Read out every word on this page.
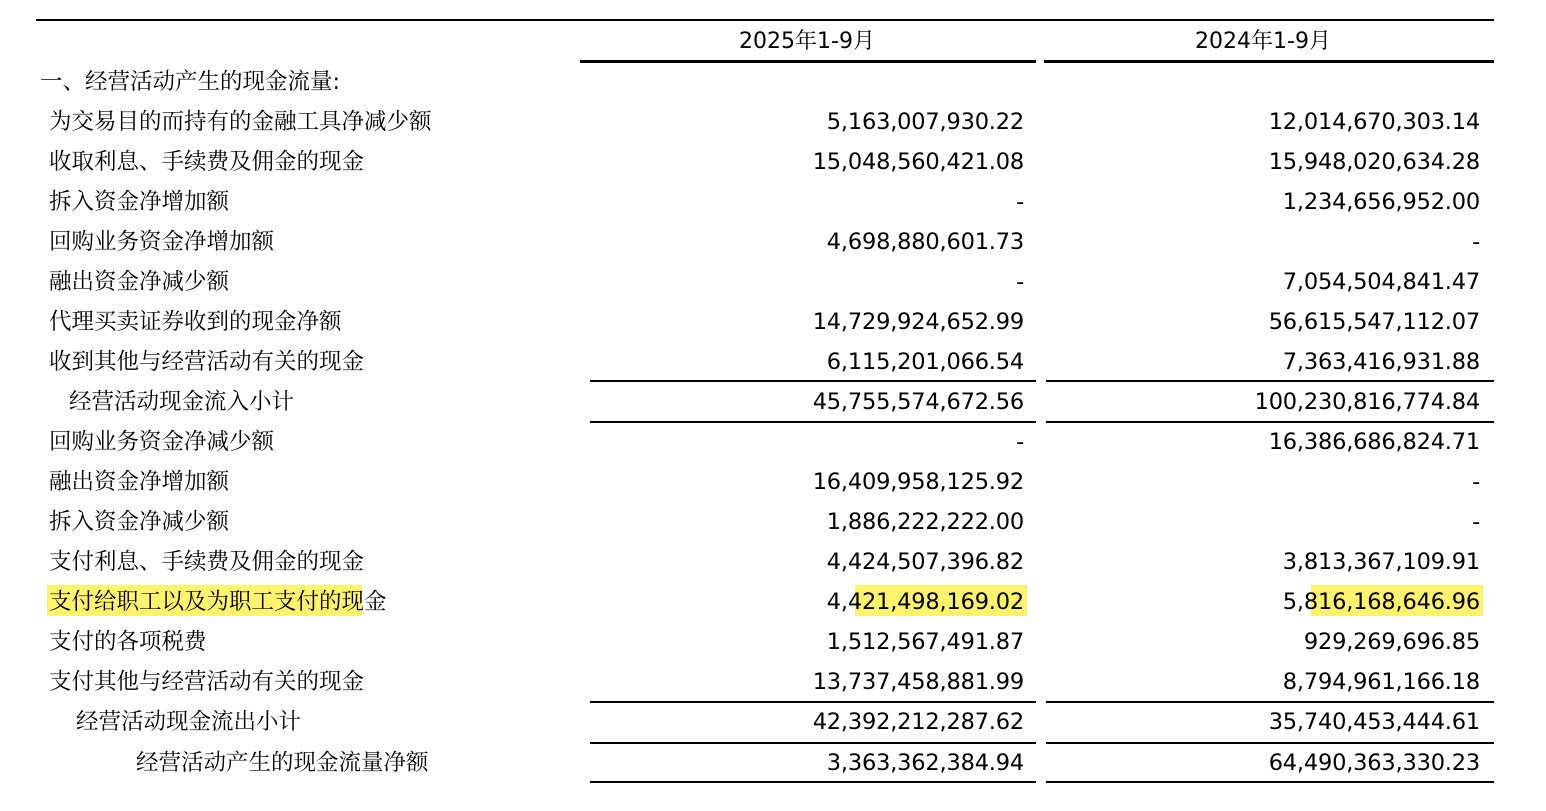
2025年1-9月	2024年1-9月
一、经营活动产生的现金流量:
为交易目的而持有的金融工具净减少额	5,163,007,930.22	12,014,670,303.14
收取利息、手续费及佣金的现金	15,048,560,421.08	15,948,020,634.28
拆入资金净增加额	-	1,234,656,952.00
回购业务资金净增加额	4,698,880,601.73	-
融出资金净减少额	-	7,054,504,841.47
代理买卖证券收到的现金净额	14,729,924,652.99	56,615,547,112.07
收到其他与经营活动有关的现金	6,115,201,066.54	7,363,416,931.88
经营活动现金流入小计	45,755,574,672.56	100,230,816,774.84
回购业务资金净减少额	-	16,386,686,824.71
融出资金净增加额	16,409,958,125.92	-
拆入资金净减少额	1,886,222,222.00	-
支付利息、手续费及佣金的现金	4,424,507,396.82	3,813,367,109.91
支付给职工以及为职工支付的现金	4,421,498,169.02	5,816,168,646.96
支付的各项税费	1,512,567,491.87	929,269,696.85
支付其他与经营活动有关的现金	13,737,458,881.99	8,794,961,166.18
经营活动现金流出小计	42,392,212,287.62	35,740,453,444.61
经营活动产生的现金流量净额	3,363,362,384.94	64,490,363,330.23
